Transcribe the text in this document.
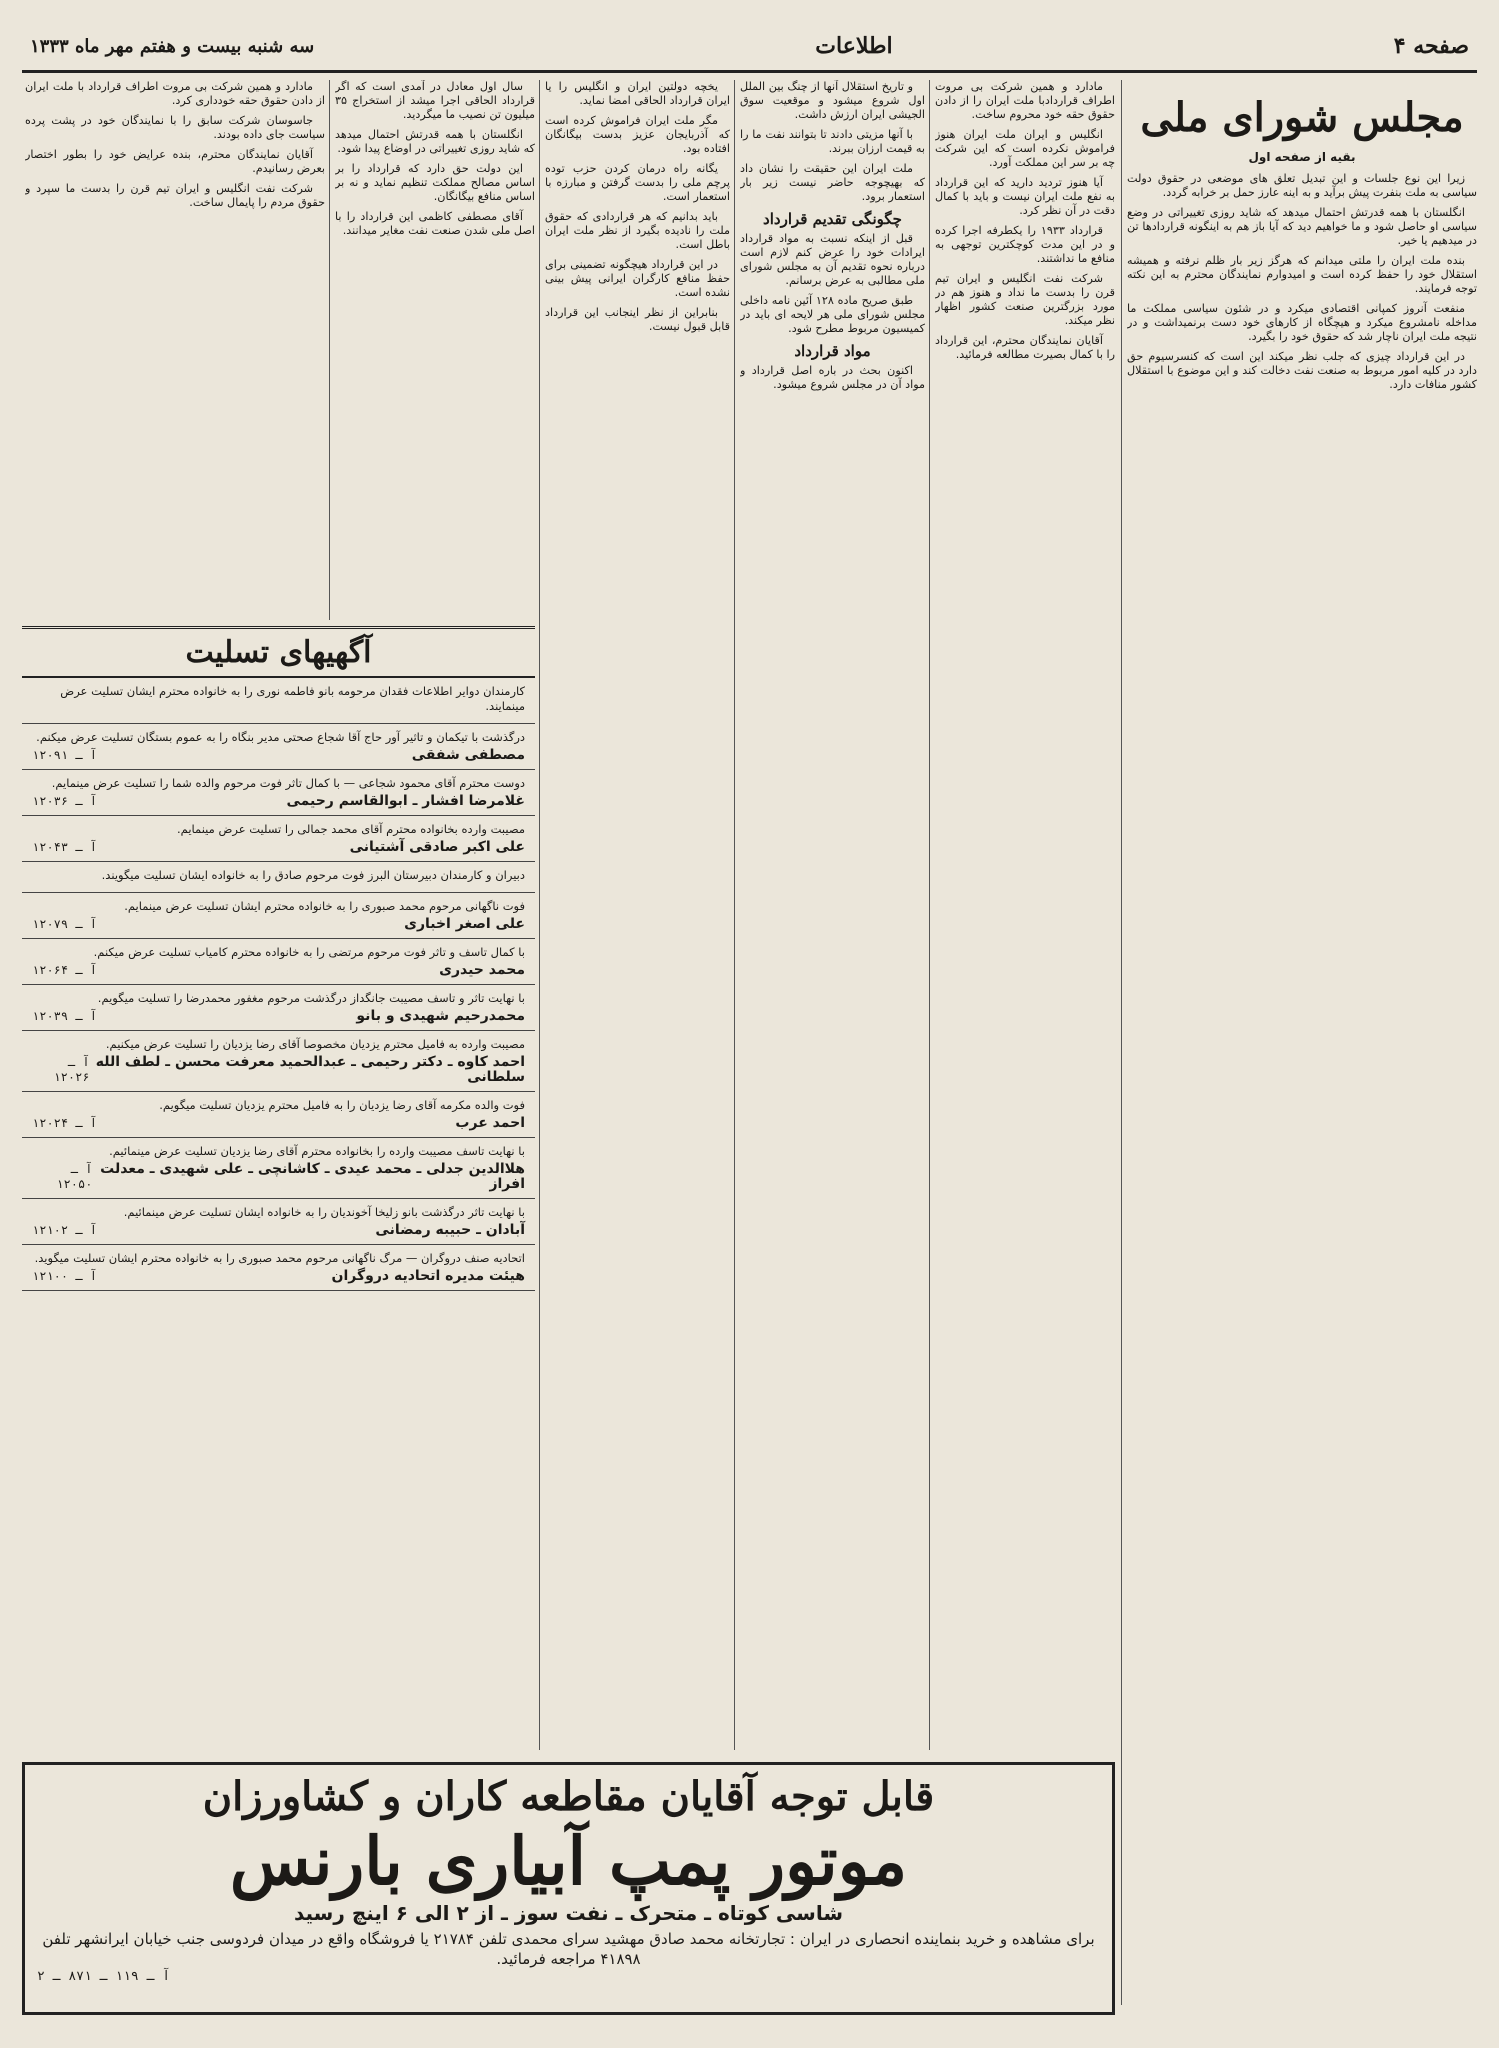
صفحه ۴
اطلاعات
سه شنبه بیست و هفتم مهر ماه ۱۳۳۳
مجلس شورای ملی
بقیه از صفحه اول

زیرا این نوع جلسات و این تبدیل تعلق های موضعی در حقوق دولت سیاسی به ملت بنفرت پیش برآید و به اینه عارز حمل بر خرابه گردد.

انگلستان با همه قدرتش احتمال میدهد که شاید روزی تغییراتی در وضع سیاسی او حاصل شود و ما خواهیم دید که آیا باز هم به اینگونه قراردادها تن در میدهیم یا خیر.

بنده ملت ایران را ملتی میدانم که هرگز زیر بار ظلم نرفته و همیشه استقلال خود را حفظ کرده است و امیدوارم نمایندگان محترم به این نکته توجه فرمایند.

منفعت آنروز کمپانی اقتصادی میکرد و در شئون سیاسی مملکت ما مداخله نامشروع میکرد و هیچگاه از کارهای خود دست برنمیداشت و در نتیجه ملت ایران ناچار شد که حقوق خود را بگیرد.

در این قرارداد چیزی که جلب نظر میکند این است که کنسرسیوم حق دارد در کلیه امور مربوط به صنعت نفت دخالت کند و این موضوع با استقلال کشور منافات دارد.

مادارد و همین شرکت بی مروت اطراف قراردادبا ملت ایران را از دادن حقوق حقه خود محروم ساخت.

انگلیس و ایران ملت ایران هنوز فراموش نکرده است که این شرکت چه بر سر این مملکت آورد.

آیا هنوز تردید دارید که این قرارداد به نفع ملت ایران نیست و باید با کمال دقت در آن نظر کرد.

قرارداد ۱۹۳۳ را یکطرفه اجرا کرده و در این مدت کوچکترین توجهی به منافع ما نداشتند.

شرکت نفت انگلیس و ایران تیم قرن را بدست ما نداد و هنوز هم در مورد بزرگترین صنعت کشور اظهار نظر میکند.

آقایان نمایندگان محترم، این قرارداد را با کمال بصیرت مطالعه فرمائید.

و تاریخ استقلال آنها از چنگ بین الملل اول شروع میشود و موقعیت سوق الجیشی ایران ارزش داشت.

با آنها مزیتی دادند تا بتوانند نفت ما را به قیمت ارزان ببرند.

ملت ایران این حقیقت را نشان داد که بهیچوجه حاضر نیست زیر بار استعمار برود.

چگونگی تقدیم قرارداد

قبل از اینکه نسبت به مواد قرارداد ایرادات خود را عرض کنم لازم است درباره نحوه تقدیم آن به مجلس شورای ملی مطالبی به عرض برسانم.

طبق صریح ماده ۱۲۸ آئین نامه داخلی مجلس شورای ملی هر لایحه ای باید در کمیسیون مربوط مطرح شود.

مواد قرارداد

اکنون بحث در باره اصل قرارداد و مواد آن در مجلس شروع میشود.

یخچه دولتین ایران و انگلیس را یا ایران قرارداد الحاقی امضا نماید.

مگر ملت ایران فراموش کرده است که آذربایجان عزیز بدست بیگانگان افتاده بود.

یگانه راه درمان کردن حزب توده پرچم ملی را بدست گرفتن و مبارزه با استعمار است.

باید بدانیم که هر قراردادی که حقوق ملت را نادیده بگیرد از نظر ملت ایران باطل است.

در این قرارداد هیچگونه تضمینی برای حفظ منافع کارگران ایرانی پیش بینی نشده است.

بنابراین از نظر اینجانب این قرارداد قابل قبول نیست.

سال اول معادل در آمدی است که اگر قرارداد الحاقی اجرا میشد از استخراج ۳۵ میلیون تن نصیب ما میگردید.

انگلستان با همه قدرتش احتمال میدهد که شاید روزی تغییراتی در اوضاع پیدا شود.

این دولت حق دارد که قرارداد را بر اساس مصالح مملکت تنظیم نماید و نه بر اساس منافع بیگانگان.

آقای مصطفی کاظمی این قرارداد را با اصل ملی شدن صنعت نفت مغایر میدانند.

مادارد و همین شرکت بی مروت اطراف قرارداد با ملت ایران از دادن حقوق حقه خودداری کرد.

جاسوسان شرکت سابق را با نمایندگان خود در پشت پرده سیاست جای داده بودند.

آقایان نمایندگان محترم، بنده عرایض خود را بطور اختصار بعرض رسانیدم.

شرکت نفت انگلیس و ایران تیم قرن را بدست ما سپرد و حقوق مردم را پایمال ساخت.

آگهیهای تسلیت
کارمندان دوایر اطلاعات فقدان مرحومه بانو فاطمه نوری را به خانواده محترم ایشان تسلیت عرض مینمایند.
درگذشت با تیکمان و تاثیر آور حاج آقا شجاع صحتی مدیر بنگاه را به عموم بستگان تسلیت عرض میکنم.
مصطفی شفقی
آ ـ ۱۲۰۹۱
دوست محترم آقای محمود شجاعی — با کمال تاثر فوت مرحوم والده شما را تسلیت عرض مینمایم.
غلامرضا افشار ـ ابوالقاسم رحیمی
آ ـ ۱۲۰۳۶
مصیبت وارده بخانواده محترم آقای محمد جمالی را تسلیت عرض مینمایم.
علی اکبر صادقی آشتیانی
آ ـ ۱۲۰۴۳
دبیران و کارمندان دبیرستان البرز فوت مرحوم صادق را به خانواده ایشان تسلیت میگویند.
فوت ناگهانی مرحوم محمد صبوری را به خانواده محترم ایشان تسلیت عرض مینمایم.
علی اصغر اخباری
آ ـ ۱۲۰۷۹
با کمال تاسف و تاثر فوت مرحوم مرتضی را به خانواده محترم کامیاب تسلیت عرض میکنم.
محمد حیدری
آ ـ ۱۲۰۶۴
با نهایت تاثر و تاسف مصیبت جانگداز درگذشت مرحوم مغفور محمدرضا را تسلیت میگویم.
محمدرحیم شهیدی و بانو
آ ـ ۱۲۰۳۹
مصیبت وارده به فامیل محترم یزدیان مخصوصا آقای رضا یزدیان را تسلیت عرض میکنیم.
احمد کاوه ـ دکتر رحیمی ـ عبدالحمید معرفت محسن ـ لطف الله سلطانی
آ ـ ۱۲۰۲۶
فوت والده مکرمه آقای رضا یزدیان را به فامیل محترم یزدیان تسلیت میگویم.
احمد عرب
آ ـ ۱۲۰۲۴
با نهایت تاسف مصیبت وارده را بخانواده محترم آقای رضا یزدیان تسلیت عرض مینمائیم.
هلاالدین جدلی ـ محمد عیدی ـ کاشانچی ـ علی شهیدی ـ معدلت افراز
آ ـ ۱۲۰۵۰
با نهایت تاثر درگذشت بانو زلیخا آخوندیان را به خانواده ایشان تسلیت عرض مینمائیم.
آبادان ـ حبیبه رمضانی
آ ـ ۱۲۱۰۲
اتحادیه صنف دروگران — مرگ ناگهانی مرحوم محمد صبوری را به خانواده محترم ایشان تسلیت میگوید.
هیئت مدیره اتحادیه دروگران
آ ـ ۱۲۱۰۰
قابل توجه آقایان مقاطعه کاران و کشاورزان
موتور پمپ آبیاری بارنس
شاسی کوتاه ـ متحرک ـ نفت سوز ـ از ۲ الی ۶ اینچ رسید
برای مشاهده و خرید بنماینده انحصاری در ایران : تجارتخانه محمد صادق مهشید سرای محمدی تلفن ۲۱۷۸۴ یا فروشگاه واقع در میدان فردوسی جنب خیابان ایرانشهر تلفن ۴۱۸۹۸ مراجعه فرمائید.
آ ـ ۱۱۹ ـ ۸۷۱ ـ ۲
